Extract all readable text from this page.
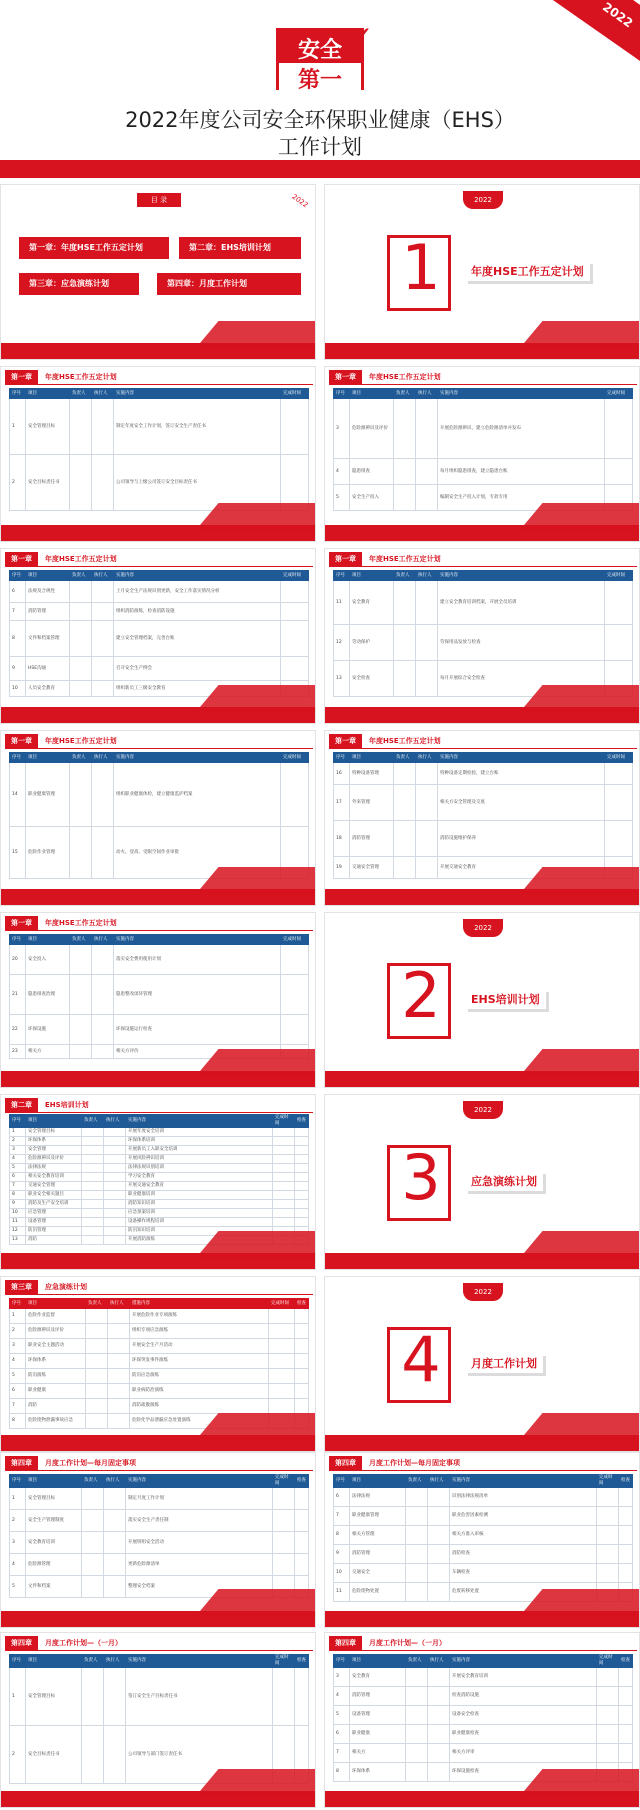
2022
安全
第一
✓
2022年度公司安全环保职业健康（EHS）
工作计划
目 录	2022
第一章：年度HSE工作五定计划	第二章：EHS培训计划
第三章：应急演练计划	第四章：月度工作计划
2022
1	年度HSE工作五定计划
第一章	年度HSE工作五定计划
序号	项目	负责人	执行人	实施内容	完成时间
1	安全管理目标			制定年度安全工作计划，签订安全生产责任书	
2	安全目标责任书			公司领导与上级公司签订安全目标责任书	
第一章	年度HSE工作五定计划
序号	项目	负责人	执行人	实施内容	完成时间
3	危险源辨识及评价			开展危险源辨识，建立危险源清单并发布	
4	隐患排查			每月组织隐患排查，建立隐患台账	
5	安全生产投入			编制安全生产投入计划，专款专用	
第一章	年度HSE工作五定计划
序号	项目	负责人	执行人	实施内容	完成时间
6	法规及合规性			上月安全生产法规识别更新，安全工作落实情况分析	
7	消防管理			组织消防演练，检查消防设施	
8	文件和档案管理			建立安全管理档案，完善台账	
9	HSE沟通			召开安全生产例会	
10	人员安全教育			组织新员工三级安全教育	
第一章	年度HSE工作五定计划
序号	项目	负责人	执行人	实施内容	完成时间
11	安全教育			建立安全教育培训档案，开展全员培训	
12	劳动保护			劳保用品发放与检查	
13	安全检查			每月开展综合安全检查	
第一章	年度HSE工作五定计划
序号	项目	负责人	执行人	实施内容	完成时间
14	职业健康管理			组织职业健康体检，建立健康监护档案	
15	危险作业管理			动火、登高、受限空间作业审批	
第一章	年度HSE工作五定计划
序号	项目	负责人	执行人	实施内容	完成时间
16	特种设备管理			特种设备定期检验，建立台账	
17	外来管理			相关方安全管理及交底	
18	消防管理			消防设施维护保养	
19	交通安全管理			开展交通安全教育	
第一章	年度HSE工作五定计划
序号	项目	负责人	执行人	实施内容	完成时间
20	安全投入			落实安全费用使用计划	
21	隐患排查治理			隐患整改闭环管理	
22	环保设施			环保设施运行检查	
23	相关方			相关方评价	
2022
2	EHS培训计划
第二章	EHS培训计划
序号	项目	负责人	执行人	实施内容	完成时间	检查
1	安全管理目标			开展年度安全培训		
2	环保体系			环保体系培训		
3	安全管理			开展新员工入职安全培训		
4	危险源辨识及评价			开展风险辨识培训		
5	法律法规			法律法规识别培训		
6	相关安全教育培训			学习安全教育		
7	交通安全管理			开展交通安全教育		
8	职业安全相关题目			职业健康培训		
9	消防及生产安全培训			消防知识培训		
10	应急管理			应急预案培训		
11	设备管理			设备操作规程培训		
12	防汛管理			防汛知识培训		
13	消防			开展消防演练		
2022
3	应急演练计划
第三章	应急演练计划
序号	项目	负责人	执行人	措施内容	完成时间	检查
1	危险作业监督			开展危险作业专项演练		
2	危险源辨识及评价			组织专项应急演练		
3	职业安全主题活动			开展安全生产月活动		
4	环保体系			环保突发事件演练		
5	防汛演练			防汛应急演练		
6	职业健康			职业病防治演练		
7	消防			消防疏散演练		
8	危险废物泄漏事故应急			危险化学品泄漏应急处置演练		
2022
4	月度工作计划
第四章	月度工作计划—每月固定事项
序号	项目	负责人	执行人	实施内容	完成时间	检查
1	安全管理目标			制定月度工作计划		
2	安全生产管理制度			落实安全生产责任制		
3	安全教育培训			开展班组安全活动		
4	危险源管理			更新危险源清单		
5	文件和档案			整理安全档案		
第四章	月度工作计划—每月固定事项
序号	项目	负责人	执行人	实施内容	完成时间	检查
6	法律法规			识别法律法规清单		
7	职业健康管理			职业危害因素检测		
8	相关方管理			相关方准入审核		
9	消防管理			消防检查		
10	交通安全			车辆检查		
11	危险废物处置			危废转移处置		
第四章	月度工作计划—（一月）
序号	项目	负责人	执行人	实施内容	完成时间	检查
1	安全管理目标			签订安全生产目标责任书		
2	安全目标责任书			公司领导与部门签订责任书		
第四章	月度工作计划—（一月）
序号	项目	负责人	执行人	实施内容	完成时间	检查
3	安全教育			开展安全教育培训		
4	消防管理			检查消防设施		
5	设备管理			设备安全检查		
6	职业健康			职业健康检查		
7	相关方			相关方评审		
8	环保体系			环保设施检查		
